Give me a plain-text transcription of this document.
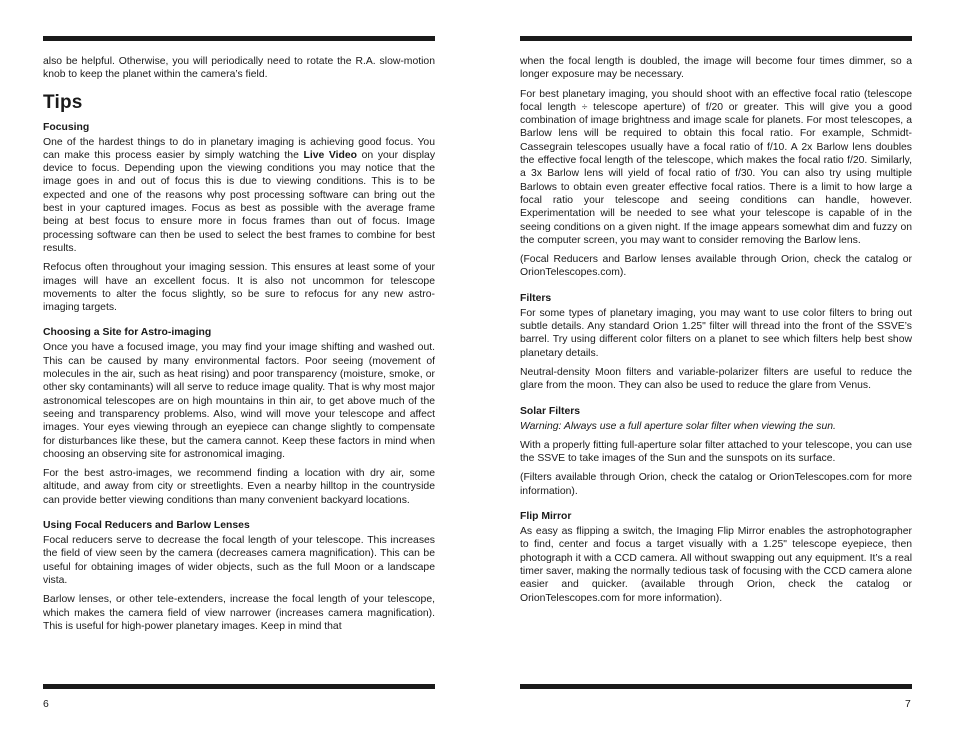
also be helpful. Otherwise, you will periodically need to rotate the R.A. slow-motion knob to keep the planet within the camera’s field.

Tips
Focusing

One of the hardest things to do in planetary imaging is achieving good focus. You can make this process easier by simply watching the Live Video on your display device to focus. Depending upon the viewing conditions you may notice that the image goes in and out of focus this is due to viewing conditions. This is to be expected and one of the reasons why post processing software can bring out the best in your captured images. Focus as best as possible with the average frame being at best focus to ensure more in focus frames than out of focus. Image processing software can then be used to select the best frames to combine for best results.

Refocus often throughout your imaging session. This ensures at least some of your images will have an excellent focus. It is also not uncommon for telescope movements to alter the focus slightly, so be sure to refocus for any new astro-imaging targets.

Choosing a Site for Astro-imaging

Once you have a focused image, you may find your image shifting and washed out. This can be caused by many environmental factors. Poor seeing (movement of molecules in the air, such as heat rising) and poor transparency (moisture, smoke, or other sky contaminants) will all serve to reduce image quality. That is why most major astronomical telescopes are on high mountains in thin air, to get above much of the seeing and transparency problems. Also, wind will move your telescope and affect images. Your eyes viewing through an eyepiece can change slightly to compensate for disturbances like these, but the camera cannot. Keep these factors in mind when choosing an observing site for astronomical imaging.

For the best astro-images, we recommend finding a location with dry air, some altitude, and away from city or streetlights. Even a nearby hilltop in the countryside can provide better viewing conditions than many convenient backyard locations.

Using Focal Reducers and Barlow Lenses

Focal reducers serve to decrease the focal length of your telescope. This increases the field of view seen by the camera (decreases camera magnification). This can be useful for obtaining images of wider objects, such as the full Moon or a landscape vista.

Barlow lenses, or other tele-extenders, increase the focal length of your telescope, which makes the camera field of view narrower (increases camera magnification). This is useful for high-power planetary images. Keep in mind that

6

when the focal length is doubled, the image will become four times dimmer, so a longer exposure may be necessary.

For best planetary imaging, you should shoot with an effective focal ratio (telescope focal length ÷ telescope aperture) of f/20 or greater. This will give you a good combination of image brightness and image scale for planets. For most telescopes, a Barlow lens will be required to obtain this focal ratio. For example, Schmidt-Cassegrain telescopes usually have a focal ratio of f/10. A 2x Barlow lens doubles the effective focal length of the telescope, which makes the focal ratio f/20. Similarly, a 3x Barlow lens will yield of focal ratio of f/30. You can also try using multiple Barlows to obtain even greater effective focal ratios. There is a limit to how large a focal ratio your telescope and seeing conditions can handle, however. Experimentation will be needed to see what your telescope is capable of in the seeing conditions on a given night. If the image appears somewhat dim and fuzzy on the computer screen, you may want to consider removing the Barlow lens.

(Focal Reducers and Barlow lenses available through Orion, check the catalog or OrionTelescopes.com).

Filters

For some types of planetary imaging, you may want to use color filters to bring out subtle details. Any standard Orion 1.25" filter will thread into the front of the SSVE’s barrel. Try using different color filters on a planet to see which filters help best show planetary details.

Neutral-density Moon filters and variable-polarizer filters are useful to reduce the glare from the moon. They can also be used to reduce the glare from Venus.

Solar Filters

Warning: Always use a full aperture solar filter when viewing the sun.

With a properly fitting full-aperture solar filter attached to your telescope, you can use the SSVE to take images of the Sun and the sunspots on its surface.

(Filters available through Orion, check the catalog or OrionTelescopes.com for more information).

Flip Mirror

As easy as flipping a switch, the Imaging Flip Mirror enables the astrophotographer to find, center and focus a target visually with a 1.25" telescope eyepiece, then photograph it with a CCD camera. All without swapping out any equipment. It’s a real timer saver, making the normally tedious task of focusing with the CCD camera alone easier and quicker. (available through Orion, check the catalog or OrionTelescopes.com for more information).

7
